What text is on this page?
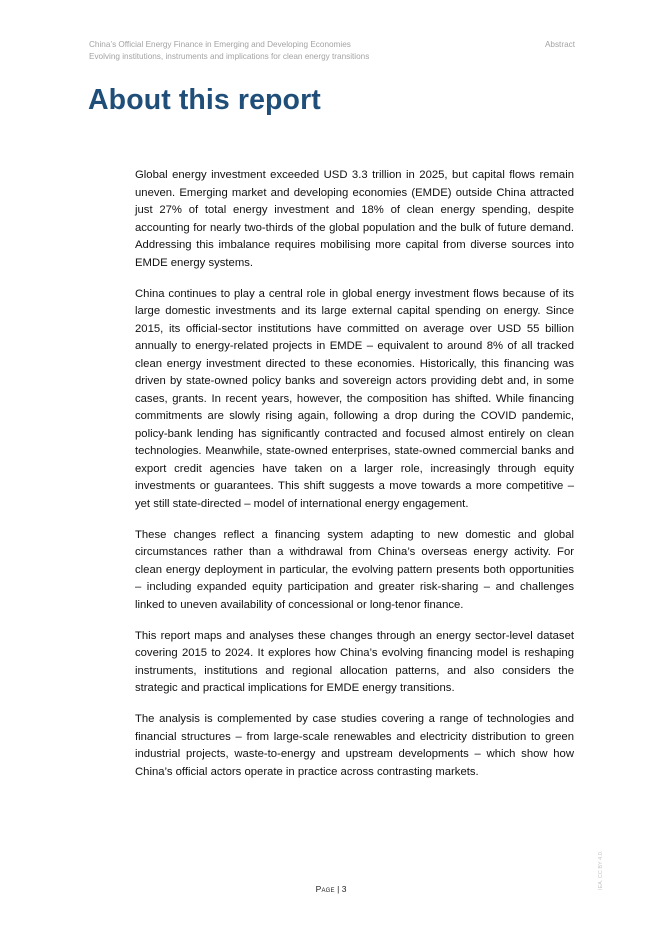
China’s Official Energy Finance in Emerging and Developing Economies
Evolving institutions, instruments and implications for clean energy transitions
Abstract
About this report

Global energy investment exceeded USD 3.3 trillion in 2025, but capital flows remain uneven. Emerging market and developing economies (EMDE) outside China attracted just 27% of total energy investment and 18% of clean energy spending, despite accounting for nearly two-thirds of the global population and the bulk of future demand. Addressing this imbalance requires mobilising more capital from diverse sources into EMDE energy systems.

China continues to play a central role in global energy investment flows because of its large domestic investments and its large external capital spending on energy. Since 2015, its official-sector institutions have committed on average over USD 55 billion annually to energy-related projects in EMDE – equivalent to around 8% of all tracked clean energy investment directed to these economies. Historically, this financing was driven by state-owned policy banks and sovereign actors providing debt and, in some cases, grants. In recent years, however, the composition has shifted. While financing commitments are slowly rising again, following a drop during the COVID pandemic, policy-bank lending has significantly contracted and focused almost entirely on clean technologies. Meanwhile, state-owned enterprises, state-owned commercial banks and export credit agencies have taken on a larger role, increasingly through equity investments or guarantees. This shift suggests a move towards a more competitive – yet still state-directed – model of international energy engagement.

These changes reflect a financing system adapting to new domestic and global circumstances rather than a withdrawal from China’s overseas energy activity. For clean energy deployment in particular, the evolving pattern presents both opportunities – including expanded equity participation and greater risk-sharing – and challenges linked to uneven availability of concessional or long-tenor finance.

This report maps and analyses these changes through an energy sector-level dataset covering 2015 to 2024. It explores how China’s evolving financing model is reshaping instruments, institutions and regional allocation patterns, and also considers the strategic and practical implications for EMDE energy transitions.

The analysis is complemented by case studies covering a range of technologies and financial structures – from large-scale renewables and electricity distribution to green industrial projects, waste-to-energy and upstream developments – which show how China’s official actors operate in practice across contrasting markets.

Page | 3	IEA. CC BY 4.0.
